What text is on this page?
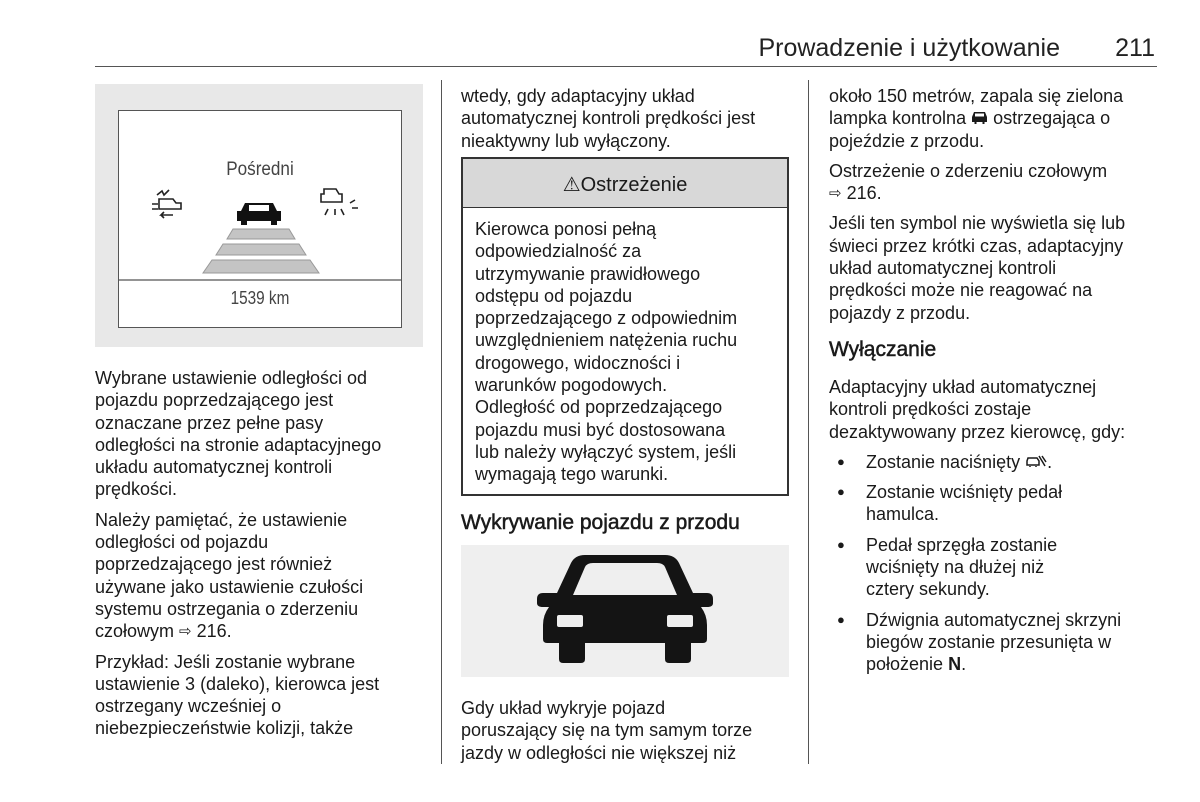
Prowadzenie i użytkowanie	211
Pośredni
1539 km

Wybrane ustawienie odległości od
pojazdu poprzedzającego jest
oznaczane przez pełne pasy
odległości na stronie adaptacyjnego
układu automatycznej kontroli
prędkości.

Należy pamiętać, że ustawienie
odległości od pojazdu
poprzedzającego jest również
używane jako ustawienie czułości
systemu ostrzegania o zderzeniu
czołowym ⇨ 216.

Przykład: Jeśli zostanie wybrane
ustawienie 3 (daleko), kierowca jest
ostrzegany wcześniej o
niebezpieczeństwie kolizji, także

wtedy, gdy adaptacyjny układ
automatycznej kontroli prędkości jest
nieaktywny lub wyłączony.

⚠Ostrzeżenie
Kierowca ponosi pełną
odpowiedzialność za
utrzymywanie prawidłowego
odstępu od pojazdu
poprzedzającego z odpowiednim
uwzględnieniem natężenia ruchu
drogowego, widoczności i
warunków pogodowych.
Odległość od poprzedzającego
pojazdu musi być dostosowana
lub należy wyłączyć system, jeśli
wymagają tego warunki.
Wykrywanie pojazdu z przodu

Gdy układ wykryje pojazd
poruszający się na tym samym torze
jazdy w odległości nie większej niż

około 150 metrów, zapala się zielona
lampka kontrolna ostrzegająca o
pojeździe z przodu.

Ostrzeżenie o zderzeniu czołowym
⇨ 216.

Jeśli ten symbol nie wyświetla się lub
świeci przez krótki czas, adaptacyjny
układ automatycznej kontroli
prędkości może nie reagować na
pojazdy z przodu.

Wyłączanie

Adaptacyjny układ automatycznej
kontroli prędkości zostaje
dezaktywowany przez kierowcę, gdy:

● Zostanie naciśnięty .
● Zostanie wciśnięty pedał
hamulca.
● Pedał sprzęgła zostanie
wciśnięty na dłużej niż
cztery sekundy.
● Dźwignia automatycznej skrzyni
biegów zostanie przesunięta w
położenie N.
